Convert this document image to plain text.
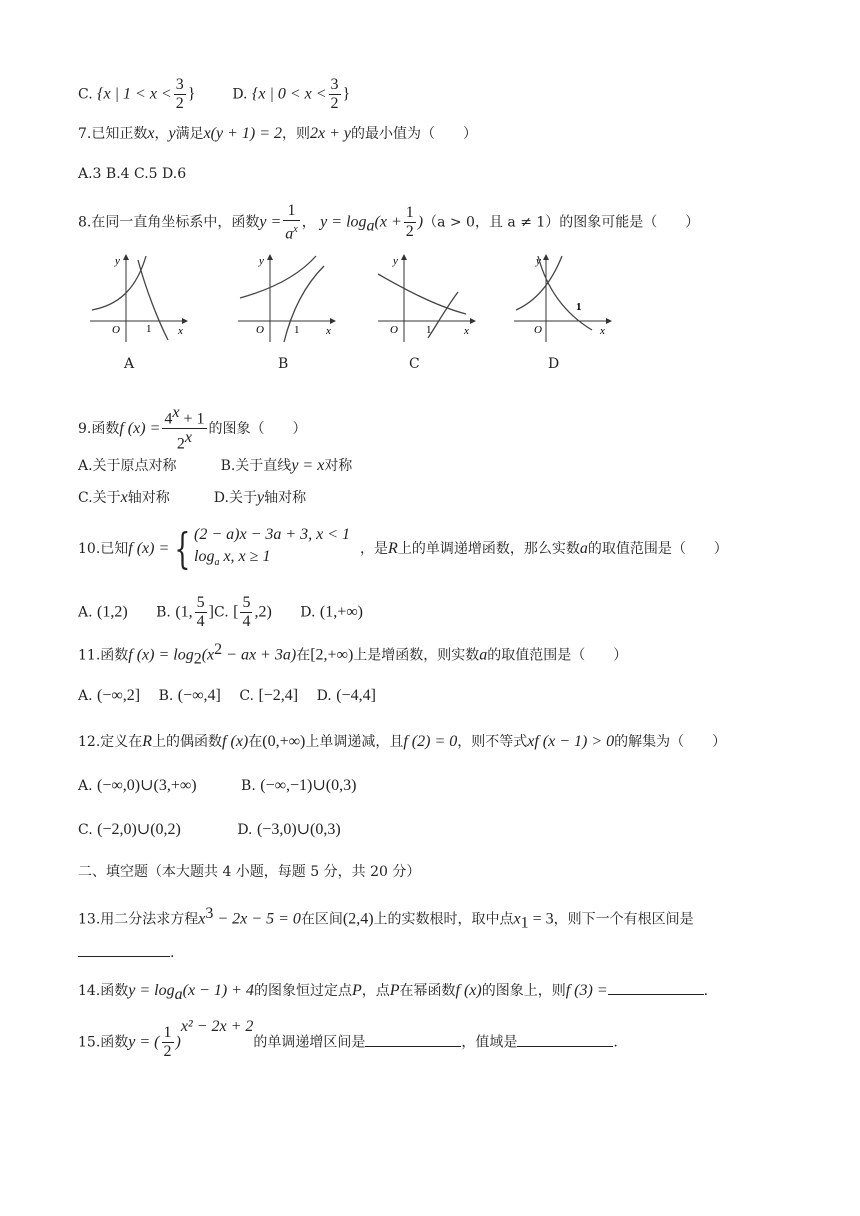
C. {x | $1 < x < \frac{3}{2}$ }	D. {x | $0 < x < \frac{3}{2}$ }
7.已知正数x，y满足x(y + 1) = 2，则2x + y的最小值为（　　）
A.3 B.4 C.5 D.6
8.在同一直角坐标系中，函数$y = \frac{1}{a^x}$ ， $y = \log_a(x + \frac{1}{2} )(a > 0$，且 a ≠ 1）的图象可能是（　　）
y
x
O 1
y
x
O	1
y
x
O	1
y
x
O
1
A	B	C	D
9.函数f $(x) = \frac{4^x + 1}{2^x}$ 的图象（　　）
A.关于原点对称	B.关于直线y = x对称
C.关于x轴对称	D.关于y轴对称
10.已知f (x) = { (2 − a)x − 3a + 3, x < 1
$\log_a x$, x ≥ 1	，是R上的单调递增函数，那么实数a的取值范围是（　　）
A. (1,2) B. (1, $\frac{5}{4} ]C$. [ $\frac{5}{4} ,2$) D. (1,+∞)
11.函数f $(x) = \log_2(x^2$ − ax + 3a)在[2,+∞)上是增函数，则实数a的取值范围是（　　）
A. (−∞,2] B. (−∞,4] C. [−2,4] D. (−4,4]
12.定义在R上的偶函数f (x)在(0,+∞)上单调递减，且f (2) = 0，则不等式xf (x − 1) > 0的解集为（　　）
A. (−∞,0)∪(3,+∞)	B. (−∞,−1)∪(0,3)
C. (−2,0)∪(0,2)	D. (−3,0)∪(0,3)
二、填空题（本大题共 4 小题，每题 5 分，共 20 分）
13.用二分法求方程$x^3 - 2x - 5 = 0$在区间(2,4)上的实数根时，取中点$x_1 = 3$，则下一个有根区间是
.
14.函数$y = \log_a(x - 1) + 4$的图象恒过定点P，点P在幂函数f (x)的图象上，则f (3) =	.
15.函数y = ( $\frac{1}{2} )^{x^2 - 2x + 2}$的单调递增区间是	，值域是	.
